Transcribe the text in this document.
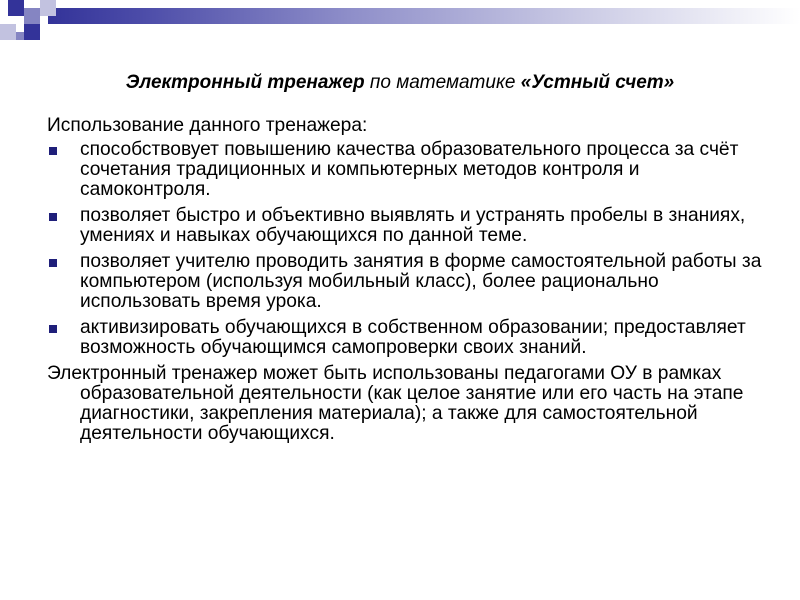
Электронный тренажер по математике «Устный счет»

Использование данного тренажера:

способствовует повышению качества образовательного процесса за счёт сочетания традиционных и компьютерных методов контроля и самоконтроля.
позволяет быстро и объективно выявлять и устранять пробелы в знаниях, умениях и навыках обучающихся по данной теме.
позволяет учителю проводить занятия в форме самостоятельной работы за компьютером (используя мобильный класс), более рационально использовать время урока.
активизировать обучающихся в собственном образовании; предоставляет возможность обучающимся самопроверки своих знаний.

Электронный тренажер может быть использованы педагогами ОУ в рамках образовательной деятельности (как целое занятие или его часть на этапе диагностики, закрепления материала); а также для самостоятельной деятельности обучающихся.
